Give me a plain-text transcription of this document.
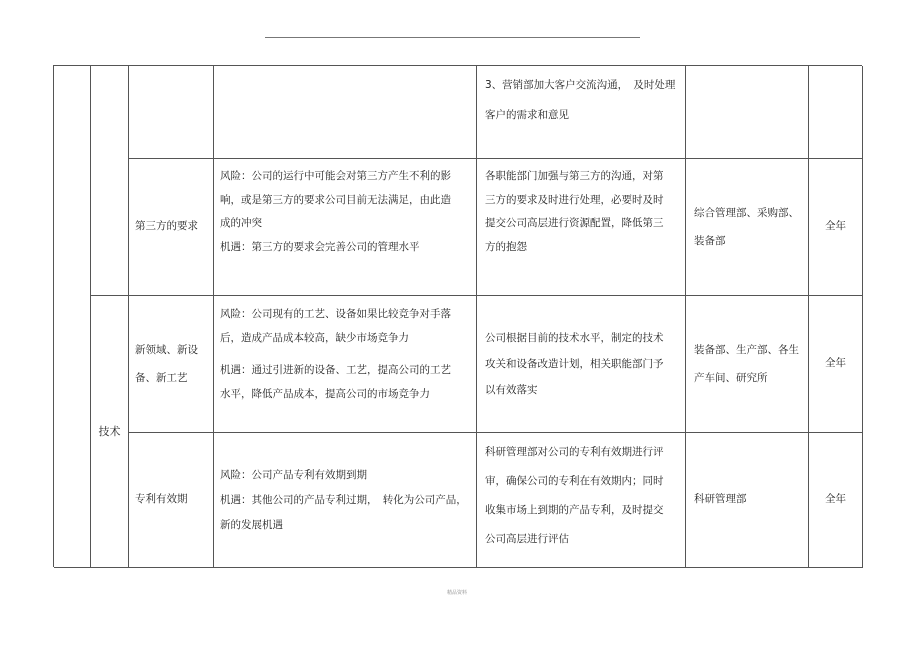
技术
3、营销部加大客户交流沟通，　及时处理
客户的需求和意见
第三方的要求
风险：公司的运行中可能会对第三方产生不利的影
响，或是第三方的要求公司目前无法满足，由此造
成的冲突
机遇：第三方的要求会完善公司的管理水平
各职能部门加强与第三方的沟通，对第
三方的要求及时进行处理，必要时及时
提交公司高层进行资源配置，降低第三
方的抱怨
综合管理部、采购部、
装备部
全年
新领域、新设
备、新工艺
风险：公司现有的工艺、设备如果比较竞争对手落
后，造成产品成本较高，缺少市场竞争力
机遇：通过引进新的设备、工艺，提高公司的工艺
水平，降低产品成本，提高公司的市场竞争力
公司根据目前的技术水平，制定的技术
攻关和设备改造计划，相关职能部门予
以有效落实
装备部、生产部、各生
产车间、研究所
全年
专利有效期
风险：公司产品专利有效期到期
机遇：其他公司的产品专利过期，　转化为公司产品，
新的发展机遇
科研管理部对公司的专利有效期进行评
审，确保公司的专利在有效期内；同时
收集市场上到期的产品专利，及时提交
公司高层进行评估
科研管理部	全年
精品资料
